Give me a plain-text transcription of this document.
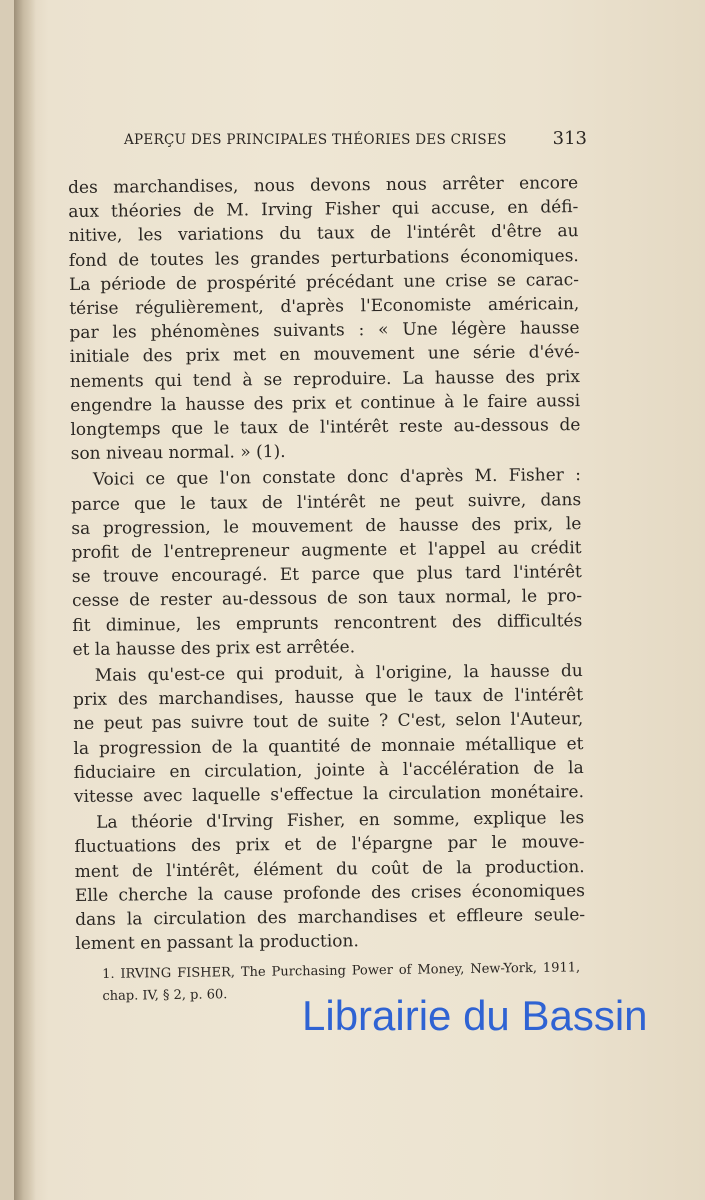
APERÇU DES PRINCIPALES THÉORIES DES CRISES	313
des marchandises, nous devons nous arrêter encore
aux théories de M. Irving Fisher qui accuse, en défi-
nitive, les variations du taux de l'intérêt d'être au
fond de toutes les grandes perturbations économiques.
La période de prospérité précédant une crise se carac-
térise régulièrement, d'après l'Economiste américain,
par les phénomènes suivants : « Une légère hausse
initiale des prix met en mouvement une série d'évé-
nements qui tend à se reproduire. La hausse des prix
engendre la hausse des prix et continue à le faire aussi
longtemps que le taux de l'intérêt reste au-dessous de
son niveau normal. » (1).
Voici ce que l'on constate donc d'après M. Fisher :
parce que le taux de l'intérêt ne peut suivre, dans
sa progression, le mouvement de hausse des prix, le
profit de l'entrepreneur augmente et l'appel au crédit
se trouve encouragé. Et parce que plus tard l'intérêt
cesse de rester au-dessous de son taux normal, le pro-
fit diminue, les emprunts rencontrent des difficultés
et la hausse des prix est arrêtée.
Mais qu'est-ce qui produit, à l'origine, la hausse du
prix des marchandises, hausse que le taux de l'intérêt
ne peut pas suivre tout de suite ? C'est, selon l'Auteur,
la progression de la quantité de monnaie métallique et
fiduciaire en circulation, jointe à l'accélération de la
vitesse avec laquelle s'effectue la circulation monétaire.
La théorie d'Irving Fisher, en somme, explique les
fluctuations des prix et de l'épargne par le mouve-
ment de l'intérêt, élément du coût de la production.
Elle cherche la cause profonde des crises économiques
dans la circulation des marchandises et effleure seule-
lement en passant la production.
1. IRVING FISHER, The Purchasing Power of Money, New-York, 1911,
chap. IV, § 2, p. 60.	Librairie du Bassin
